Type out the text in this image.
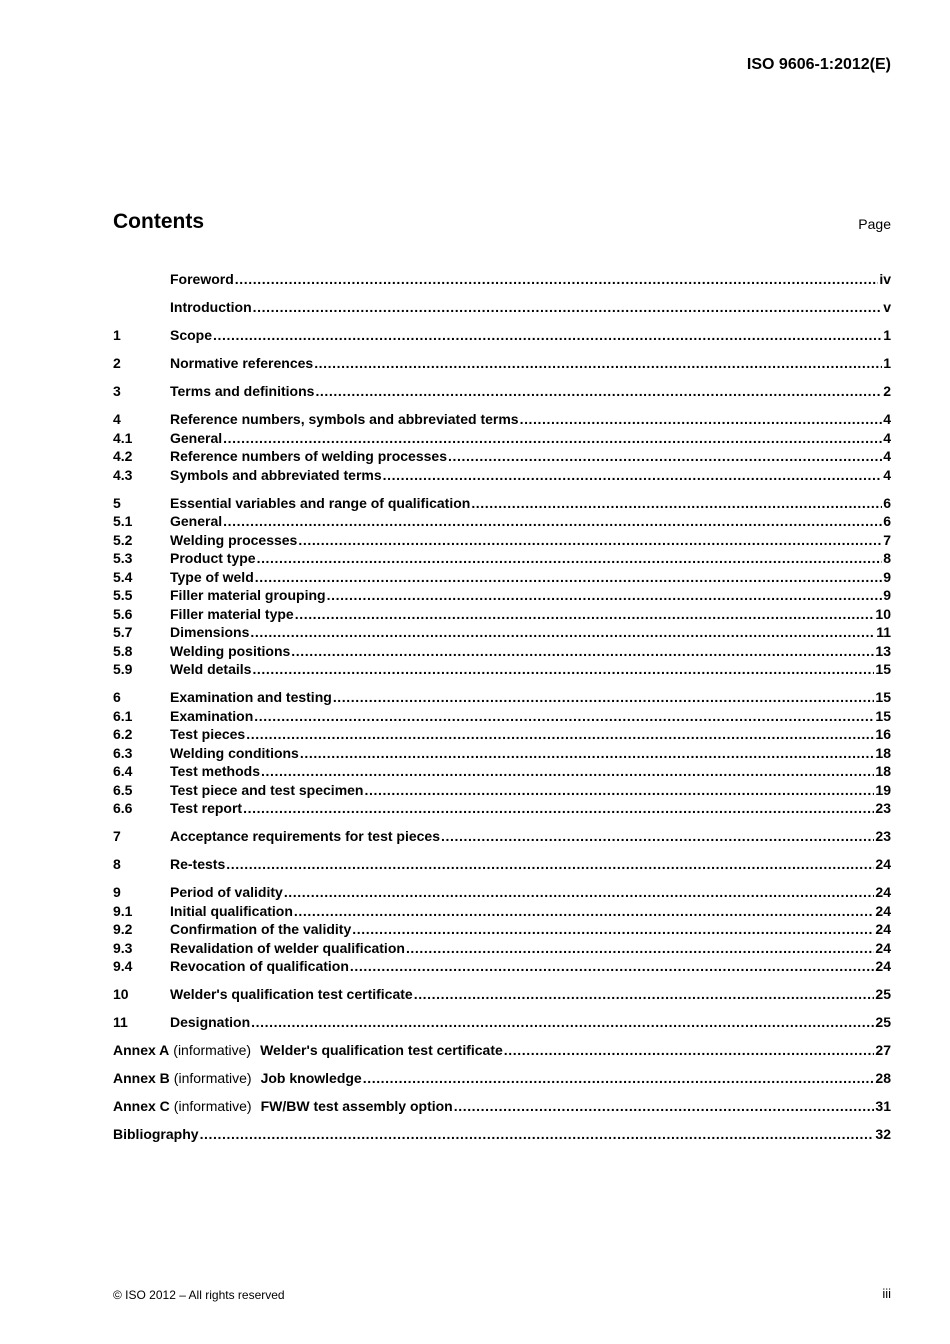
ISO 9606-1:2012(E)
Contents	Page
Foreword .....	iv
Introduction .....	v
1	Scope .....	1
2	Normative references .....	1
3	Terms and definitions .....	2
4	Reference numbers, symbols and abbreviated terms .....	4
4.1	General .....	4
4.2	Reference numbers of welding processes .....	4
4.3	Symbols and abbreviated terms .....	4
5	Essential variables and range of qualification .....	6
5.1	General .....	6
5.2	Welding processes .....	7
5.3	Product type .....	8
5.4	Type of weld .....	9
5.5	Filler material grouping .....	9
5.6	Filler material type .....	10
5.7	Dimensions .....	11
5.8	Welding positions .....	13
5.9	Weld details .....	15
6	Examination and testing .....	15
6.1	Examination .....	15
6.2	Test pieces .....	16
6.3	Welding conditions .....	18
6.4	Test methods .....	18
6.5	Test piece and test specimen .....	19
6.6	Test report .....	23
7	Acceptance requirements for test pieces .....	23
8	Re-tests .....	24
9	Period of validity .....	24
9.1	Initial qualification .....	24
9.2	Confirmation of the validity .....	24
9.3	Revalidation of welder qualification .....	24
9.4	Revocation of qualification .....	24
10	Welder's qualification test certificate .....	25
11	Designation .....	25
Annex A (informative) Welder's qualification test certificate .....	27
Annex B (informative) Job knowledge .....	28
Annex C (informative) FW/BW test assembly option .....	31
Bibliography .....	32
© ISO 2012 – All rights reserved	iii
